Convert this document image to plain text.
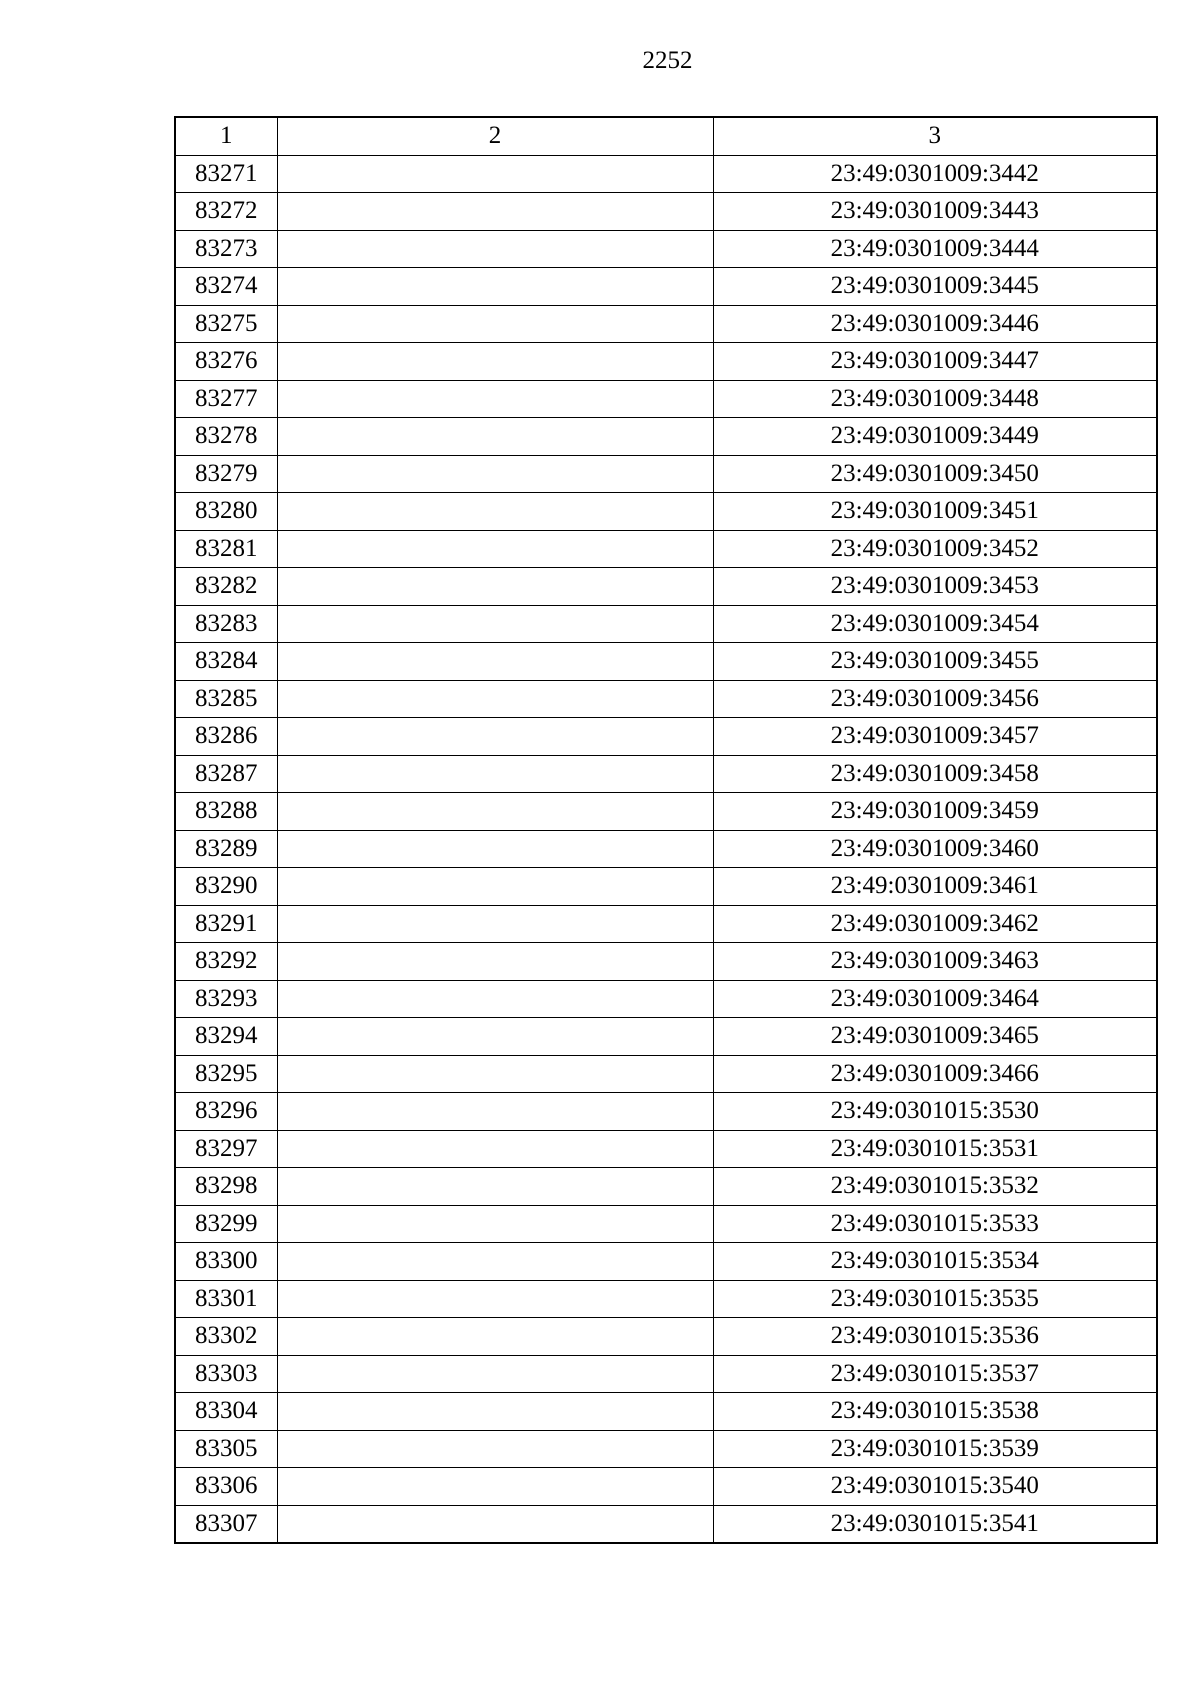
2252
1	2	3
83271		23:49:0301009:3442
83272		23:49:0301009:3443
83273		23:49:0301009:3444
83274		23:49:0301009:3445
83275		23:49:0301009:3446
83276		23:49:0301009:3447
83277		23:49:0301009:3448
83278		23:49:0301009:3449
83279		23:49:0301009:3450
83280		23:49:0301009:3451
83281		23:49:0301009:3452
83282		23:49:0301009:3453
83283		23:49:0301009:3454
83284		23:49:0301009:3455
83285		23:49:0301009:3456
83286		23:49:0301009:3457
83287		23:49:0301009:3458
83288		23:49:0301009:3459
83289		23:49:0301009:3460
83290		23:49:0301009:3461
83291		23:49:0301009:3462
83292		23:49:0301009:3463
83293		23:49:0301009:3464
83294		23:49:0301009:3465
83295		23:49:0301009:3466
83296		23:49:0301015:3530
83297		23:49:0301015:3531
83298		23:49:0301015:3532
83299		23:49:0301015:3533
83300		23:49:0301015:3534
83301		23:49:0301015:3535
83302		23:49:0301015:3536
83303		23:49:0301015:3537
83304		23:49:0301015:3538
83305		23:49:0301015:3539
83306		23:49:0301015:3540
83307		23:49:0301015:3541
